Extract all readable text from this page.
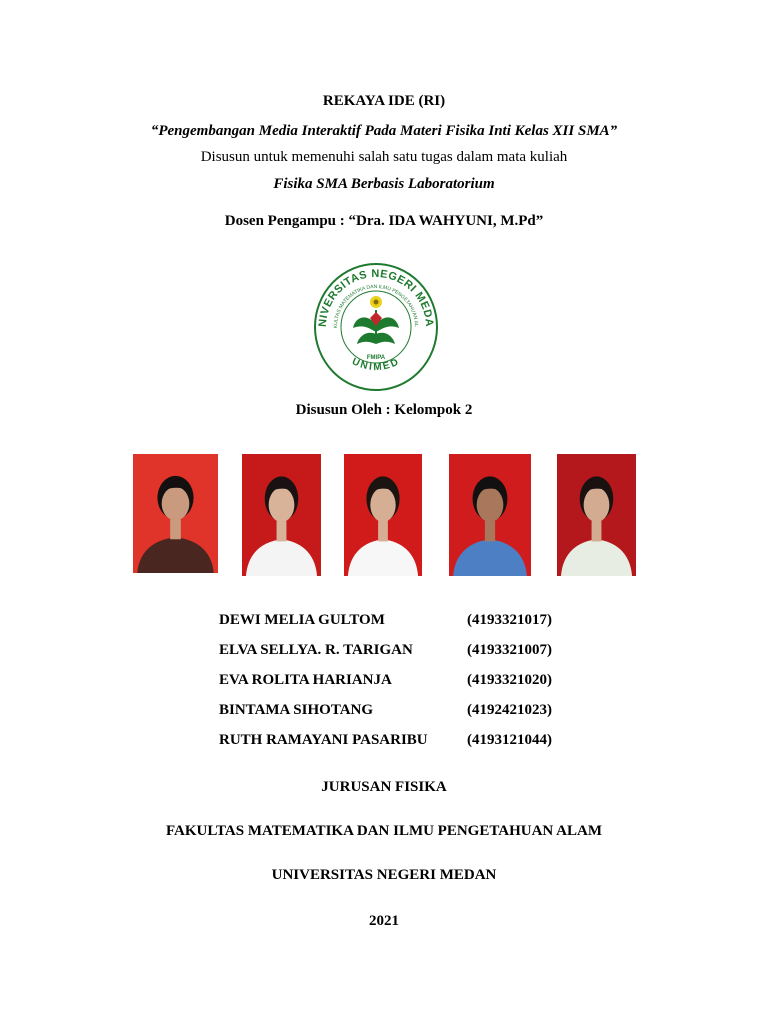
REKAYA IDE (RI)
“Pengembangan Media Interaktif Pada Materi Fisika Inti Kelas XII SMA”
Disusun untuk memenuhi salah satu tugas dalam mata kuliah
Fisika SMA Berbasis Laboratorium
Dosen Pengampu : “Dra. IDA WAHYUNI, M.Pd”
NIVERSITAS NEGERI MEDA
KULTAS MATEMATIKA DAN ILMU PENGETAHUAN AL
FMIPA
UNIMED
Disusun Oleh : Kelompok 2
DEWI MELIA GULTOM	(4193321017)
ELVA SELLYA. R. TARIGAN	(4193321007)
EVA ROLITA HARIANJA	(4193321020)
BINTAMA SIHOTANG	(4192421023)
RUTH RAMAYANI PASARIBU	(4193121044)
JURUSAN FISIKA
FAKULTAS MATEMATIKA DAN ILMU PENGETAHUAN ALAM
UNIVERSITAS NEGERI MEDAN
2021
